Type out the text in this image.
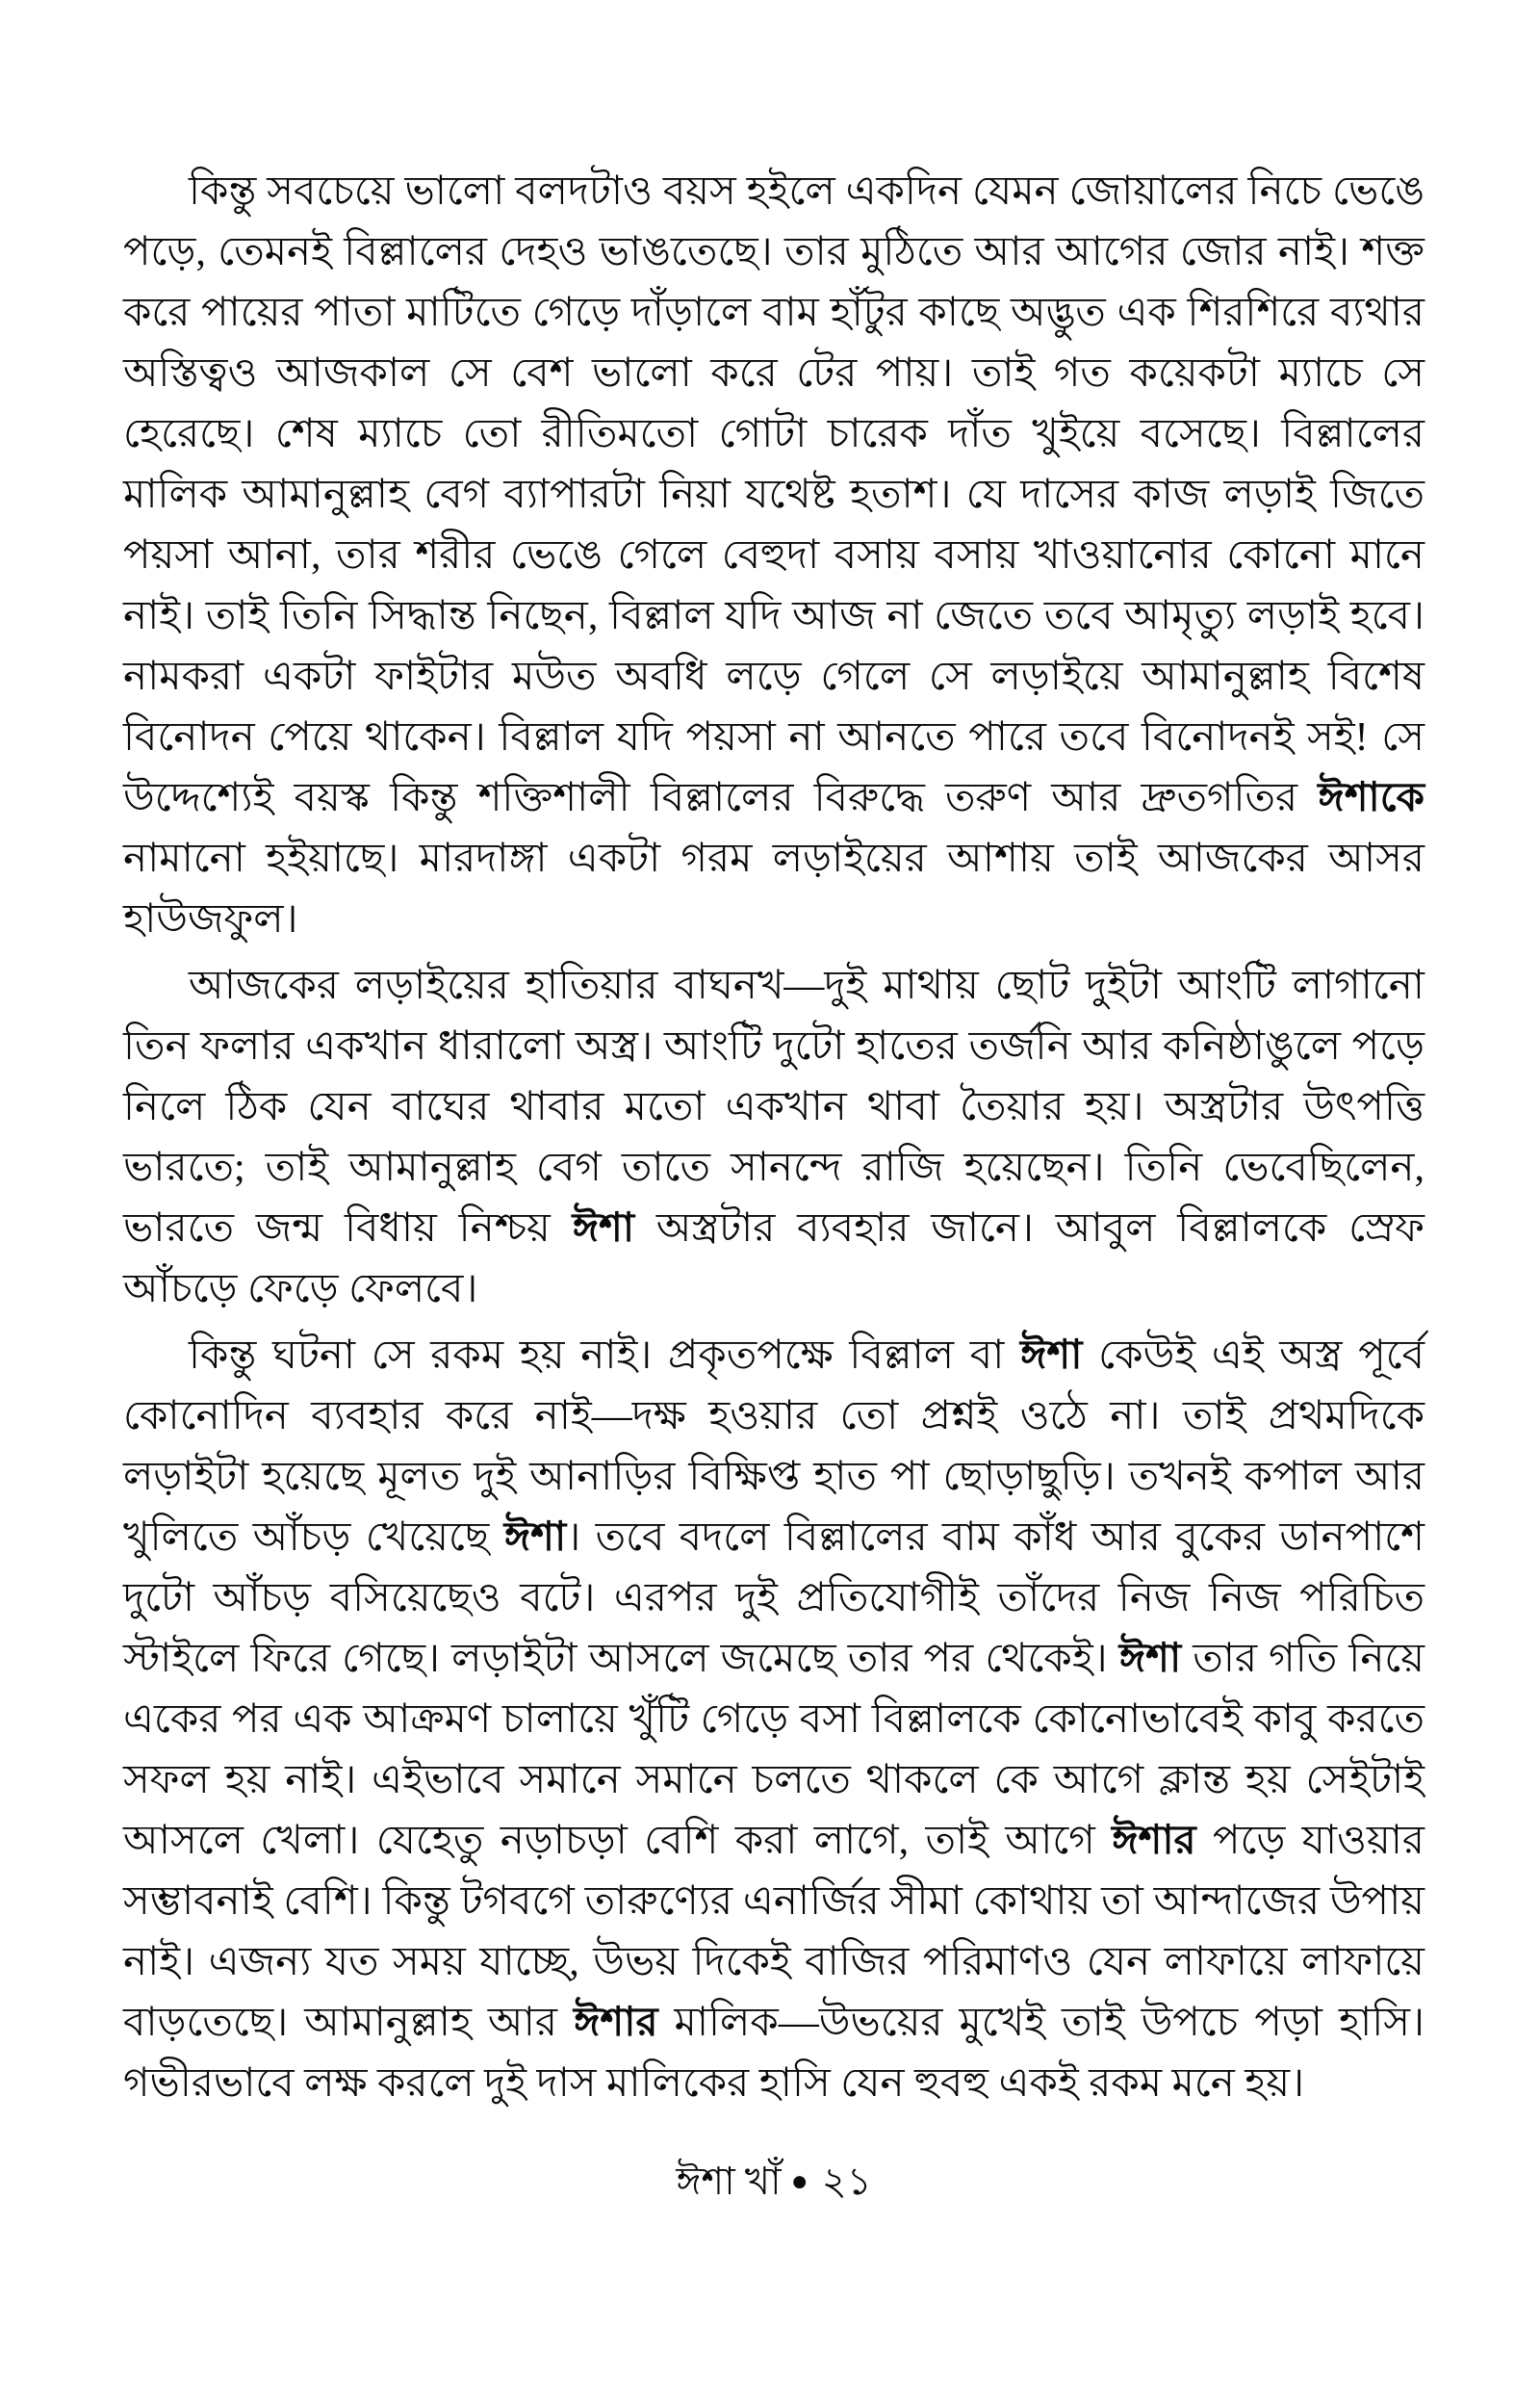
কিন্তু সবচেয়ে ভালো বলদটাও বয়স হইলে একদিন যেমন জোয়ালের নিচে ভেঙে পড়ে, তেমনই বিল্লালের দেহও ভাঙতেছে। তার মুঠিতে আর আগের জোর নাই। শক্ত করে পায়ের পাতা মাটিতে গেড়ে দাঁড়ালে বাম হাঁটুর কাছে অদ্ভুত এক শিরশিরে ব্যথার অস্তিত্বও আজকাল সে বেশ ভালো করে টের পায়। তাই গত কয়েকটা ম্যাচে সে হেরেছে। শেষ ম্যাচে তো রীতিমতো গোটা চারেক দাঁত খুইয়ে বসেছে। বিল্লালের মালিক আমানুল্লাহ বেগ ব্যাপারটা নিয়া যথেষ্ট হতাশ। যে দাসের কাজ লড়াই জিতে পয়সা আনা, তার শরীর ভেঙে গেলে বেহুদা বসায় বসায় খাওয়ানোর কোনো মানে নাই। তাই তিনি সিদ্ধান্ত নিছেন, বিল্লাল যদি আজ না জেতে তবে আমৃত্যু লড়াই হবে। নামকরা একটা ফাইটার মউত অবধি লড়ে গেলে সে লড়াইয়ে আমানুল্লাহ বিশেষ বিনোদন পেয়ে থাকেন। বিল্লাল যদি পয়সা না আনতে পারে তবে বিনোদনই সই! সে উদ্দেশ্যেই বয়স্ক কিন্তু শক্তিশালী বিল্লালের বিরুদ্ধে তরুণ আর দ্রুতগতির ঈশাকে নামানো হইয়াছে। মারদাঙ্গা একটা গরম লড়াইয়ের আশায় তাই আজকের আসর হাউজফুল।

আজকের লড়াইয়ের হাতিয়ার বাঘনখ—দুই মাথায় ছোট দুইটা আংটি লাগানো তিন ফলার একখান ধারালো অস্ত্র। আংটি দুটো হাতের তর্জনি আর কনিষ্ঠাঙুলে পড়ে নিলে ঠিক যেন বাঘের থাবার মতো একখান থাবা তৈয়ার হয়। অস্ত্রটার উৎপত্তি ভারতে; তাই আমানুল্লাহ বেগ তাতে সানন্দে রাজি হয়েছেন। তিনি ভেবেছিলেন, ভারতে জন্ম বিধায় নিশ্চয় ঈশা অস্ত্রটার ব্যবহার জানে। আবুল বিল্লালকে স্রেফ আঁচড়ে ফেড়ে ফেলবে।

কিন্তু ঘটনা সে রকম হয় নাই। প্রকৃতপক্ষে বিল্লাল বা ঈশা কেউই এই অস্ত্র পূর্বে কোনোদিন ব্যবহার করে নাই—দক্ষ হওয়ার তো প্রশ্নই ওঠে না। তাই প্রথমদিকে লড়াইটা হয়েছে মূলত দুই আনাড়ির বিক্ষিপ্ত হাত পা ছোড়াছুড়ি। তখনই কপাল আর খুলিতে আঁচড় খেয়েছে ঈশা। তবে বদলে বিল্লালের বাম কাঁধ আর বুকের ডানপাশে দুটো আঁচড় বসিয়েছেও বটে। এরপর দুই প্রতিযোগীই তাঁদের নিজ নিজ পরিচিত স্টাইলে ফিরে গেছে। লড়াইটা আসলে জমেছে তার পর থেকেই। ঈশা তার গতি নিয়ে একের পর এক আক্রমণ চালায়ে খুঁটি গেড়ে বসা বিল্লালকে কোনোভাবেই কাবু করতে সফল হয় নাই। এইভাবে সমানে সমানে চলতে থাকলে কে আগে ক্লান্ত হয় সেইটাই আসলে খেলা। যেহেতু নড়াচড়া বেশি করা লাগে, তাই আগে ঈশার পড়ে যাওয়ার সম্ভাবনাই বেশি। কিন্তু টগবগে তারুণ্যের এনার্জির সীমা কোথায় তা আন্দাজের উপায় নাই। এজন্য যত সময় যাচ্ছে, উভয় দিকেই বাজির পরিমাণও যেন লাফায়ে লাফায়ে বাড়তেছে। আমানুল্লাহ আর ঈশার মালিক—উভয়ের মুখেই তাই উপচে পড়া হাসি। গভীরভাবে লক্ষ করলে দুই দাস মালিকের হাসি যেন হুবহু একই রকম মনে হয়।

ঈশা খাঁ ● ২১
